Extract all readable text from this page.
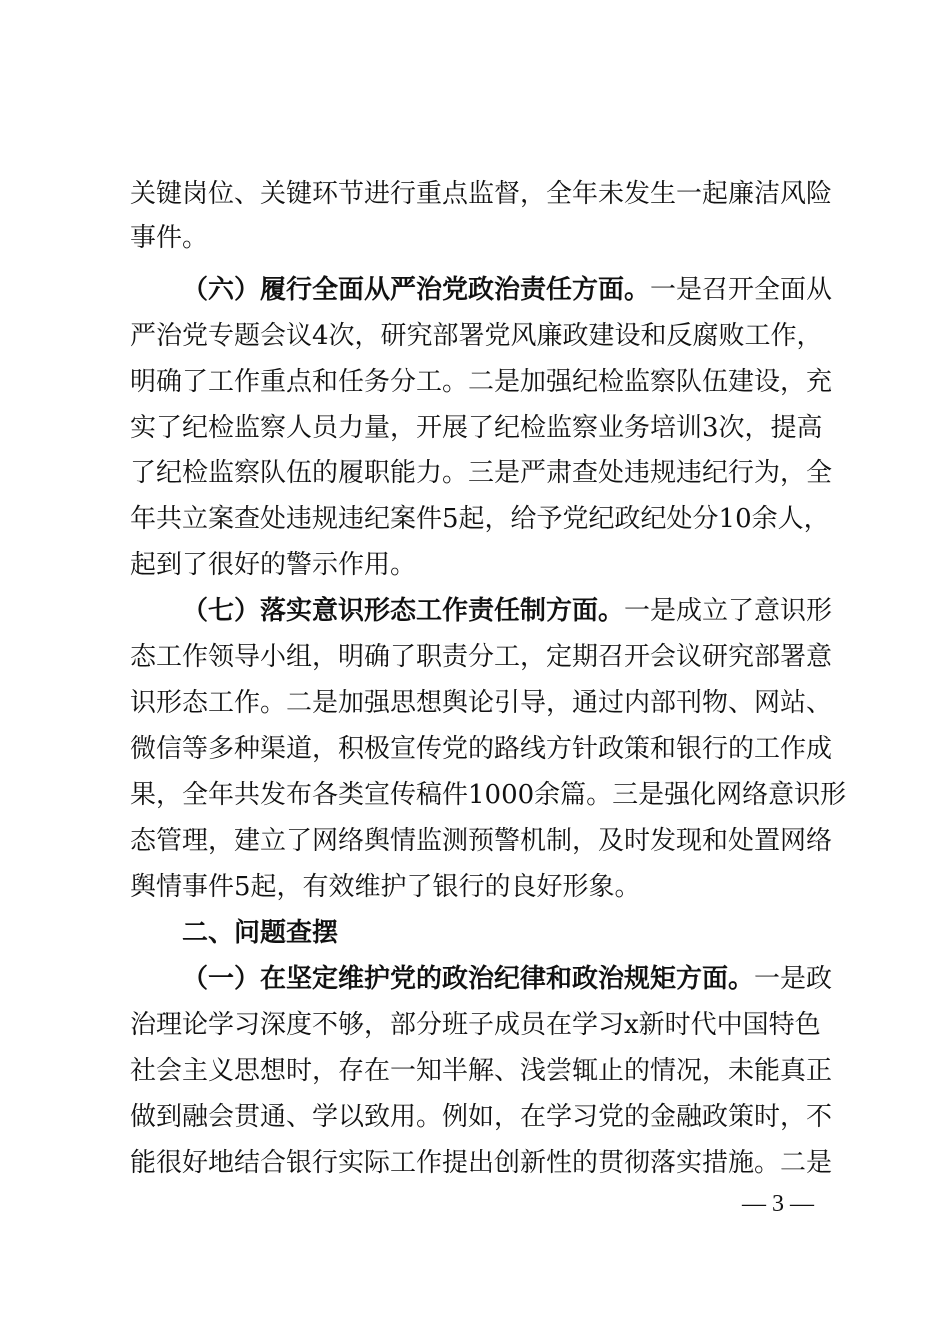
关键岗位、关键环节进行重点监督，全年未发生一起廉洁风险
事件。
（六）履行全面从严治党政治责任方面。一是召开全面从
严治党专题会议4次，研究部署党风廉政建设和反腐败工作，
明确了工作重点和任务分工。二是加强纪检监察队伍建设，充
实了纪检监察人员力量，开展了纪检监察业务培训3次，提高
了纪检监察队伍的履职能力。三是严肃查处违规违纪行为，全
年共立案查处违规违纪案件5起，给予党纪政纪处分10余人，
起到了很好的警示作用。
（七）落实意识形态工作责任制方面。一是成立了意识形
态工作领导小组，明确了职责分工，定期召开会议研究部署意
识形态工作。二是加强思想舆论引导，通过内部刊物、网站、
微信等多种渠道，积极宣传党的路线方针政策和银行的工作成
果，全年共发布各类宣传稿件1000余篇。三是强化网络意识形
态管理，建立了网络舆情监测预警机制，及时发现和处置网络
舆情事件5起，有效维护了银行的良好形象。
二、问题查摆
（一）在坚定维护党的政治纪律和政治规矩方面。一是政
治理论学习深度不够，部分班子成员在学习x新时代中国特色
社会主义思想时，存在一知半解、浅尝辄止的情况，未能真正
做到融会贯通、学以致用。例如，在学习党的金融政策时，不
能很好地结合银行实际工作提出创新性的贯彻落实措施。二是
— 3 —
